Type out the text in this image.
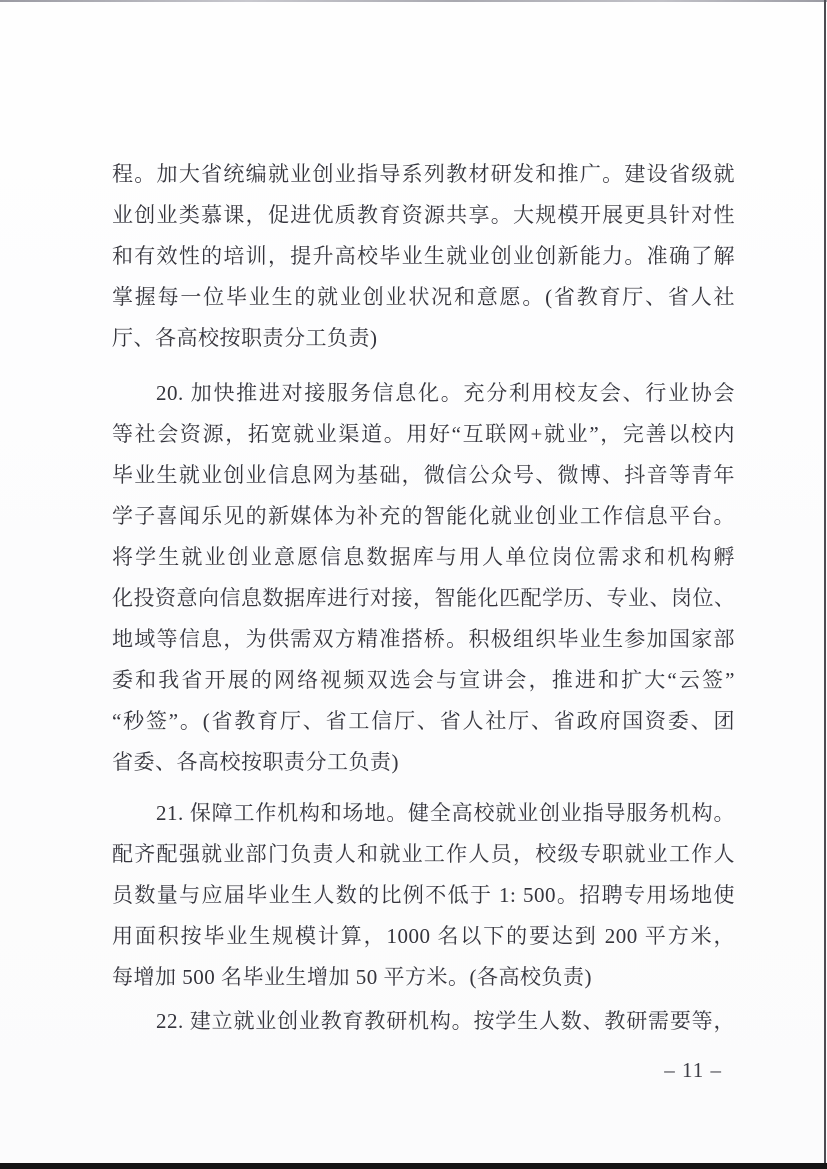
程。加大省统编就业创业指导系列教材研发和推广。建设省级就
业创业类慕课，促进优质教育资源共享。大规模开展更具针对性
和有效性的培训，提升高校毕业生就业创业创新能力。准确了解
掌握每一位毕业生的就业创业状况和意愿。(省教育厅、省人社
厅、各高校按职责分工负责)
20. 加快推进对接服务信息化。充分利用校友会、行业协会
等社会资源，拓宽就业渠道。用好“互联网+就业”，完善以校内
毕业生就业创业信息网为基础，微信公众号、微博、抖音等青年
学子喜闻乐见的新媒体为补充的智能化就业创业工作信息平台。
将学生就业创业意愿信息数据库与用人单位岗位需求和机构孵
化投资意向信息数据库进行对接，智能化匹配学历、专业、岗位、
地域等信息，为供需双方精准搭桥。积极组织毕业生参加国家部
委和我省开展的网络视频双选会与宣讲会，推进和扩大“云签”
“秒签”。(省教育厅、省工信厅、省人社厅、省政府国资委、团
省委、各高校按职责分工负责)
21. 保障工作机构和场地。健全高校就业创业指导服务机构。
配齐配强就业部门负责人和就业工作人员，校级专职就业工作人
员数量与应届毕业生人数的比例不低于 1: 500。招聘专用场地使
用面积按毕业生规模计算，1000 名以下的要达到 200 平方米，
每增加 500 名毕业生增加 50 平方米。(各高校负责)
22. 建立就业创业教育教研机构。按学生人数、教研需要等，
– 11 –
